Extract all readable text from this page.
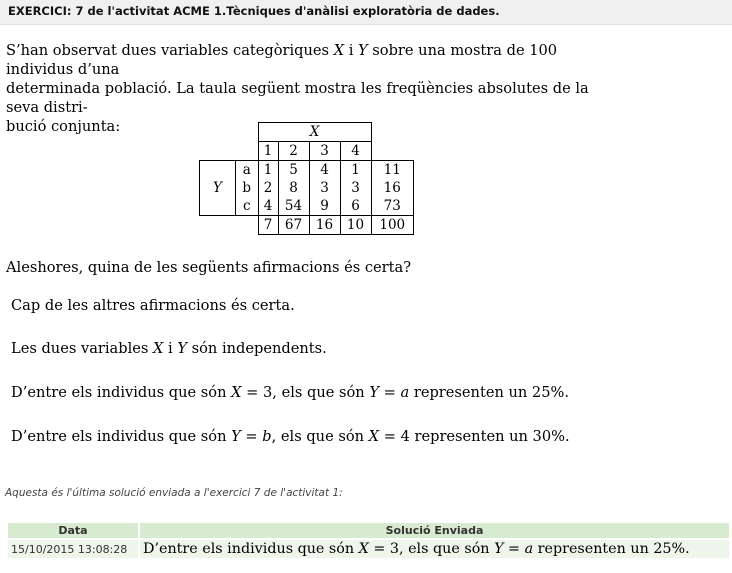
EXERCICI: 7 de l'activitat ACME 1.Tècniques d'anàlisi exploratòria de dades.

S’han observat dues variables categòriques X i Y sobre una mostra de 100 individus d’una

determinada població. La taula següent mostra les freqüències absolutes de la seva distri-

bució conjunta:

			X				
		1	2	3	4	
Y	a	1	5	4	1	11
	b	2	8	3	3	16
	c	4	54	9	6	73
		7	67	16	10	100
Aleshores, quina de les següents afirmacions és certa?
Cap de les altres afirmacions és certa.
Les dues variables X i Y són independents.
D’entre els individus que són X = 3, els que són Y = a representen un 25%.
D’entre els individus que són Y = b, els que són X = 4 representen un 30%.
Aquesta és l'última solució enviada a l'exercici 7 de l'activitat 1:
Data	Solució Enviada
15/10/2015 13:08:28	D’entre els individus que són X = 3, els que són Y = a representen un 25%.
